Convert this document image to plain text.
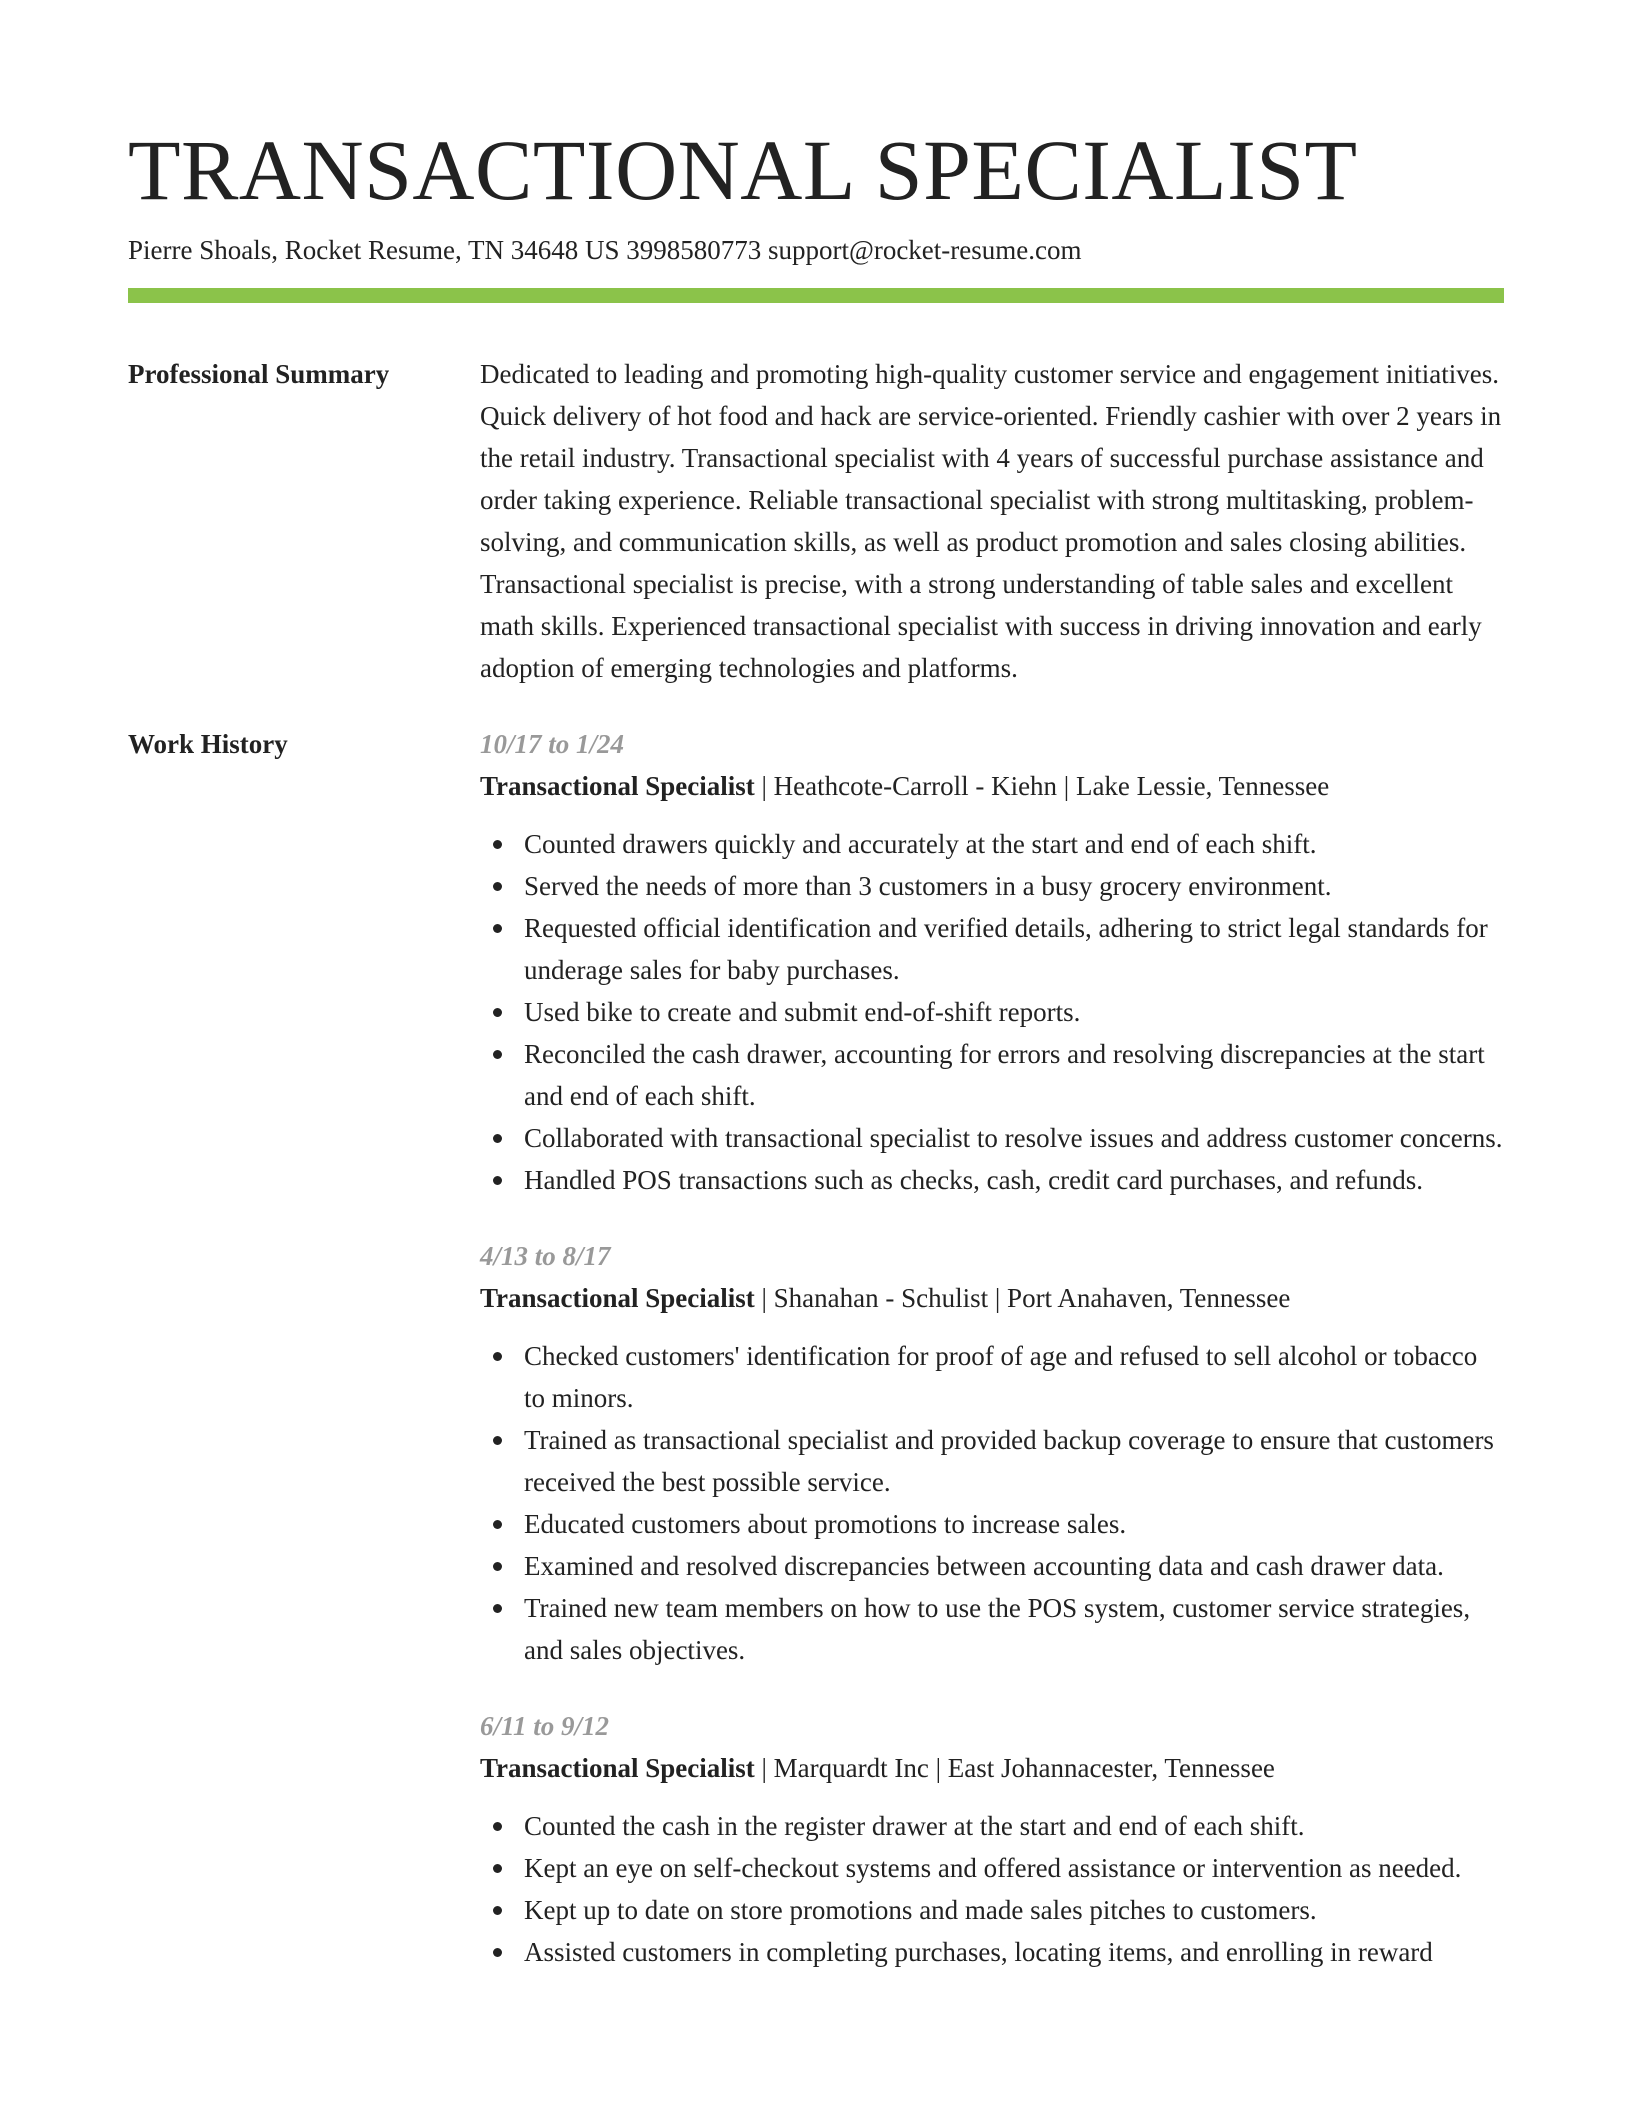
TRANSACTIONAL SPECIALIST
Pierre Shoals, Rocket Resume, TN 34648 US 3998580773 support@rocket-resume.com
Professional Summary	Dedicated to leading and promoting high-quality customer service and engagement initiatives. Quick delivery of hot food and hack are service-oriented. Friendly cashier with over 2 years in the retail industry. Transactional specialist with 4 years of successful purchase assistance and order taking experience. Reliable transactional specialist with strong multitasking, problem-solving, and communication skills, as well as product promotion and sales closing abilities. Transactional specialist is precise, with a strong understanding of table sales and excellent math skills. Experienced transactional specialist with success in driving innovation and early adoption of emerging technologies and platforms.
Work History	10/17 to 1/24
Transactional Specialist | Heathcote-Carroll - Kiehn | Lake Lessie, Tennessee
Counted drawers quickly and accurately at the start and end of each shift.
Served the needs of more than 3 customers in a busy grocery environment.
Requested official identification and verified details, adhering to strict legal standards for underage sales for baby purchases.
Used bike to create and submit end-of-shift reports.
Reconciled the cash drawer, accounting for errors and resolving discrepancies at the start and end of each shift.
Collaborated with transactional specialist to resolve issues and address customer concerns.
Handled POS transactions such as checks, cash, credit card purchases, and refunds.
4/13 to 8/17
Transactional Specialist | Shanahan - Schulist | Port Anahaven, Tennessee
Checked customers' identification for proof of age and refused to sell alcohol or tobacco to minors.
Trained as transactional specialist and provided backup coverage to ensure that customers received the best possible service.
Educated customers about promotions to increase sales.
Examined and resolved discrepancies between accounting data and cash drawer data.
Trained new team members on how to use the POS system, customer service strategies, and sales objectives.
6/11 to 9/12
Transactional Specialist | Marquardt Inc | East Johannacester, Tennessee
Counted the cash in the register drawer at the start and end of each shift.
Kept an eye on self-checkout systems and offered assistance or intervention as needed.
Kept up to date on store promotions and made sales pitches to customers.
Assisted customers in completing purchases, locating items, and enrolling in reward
